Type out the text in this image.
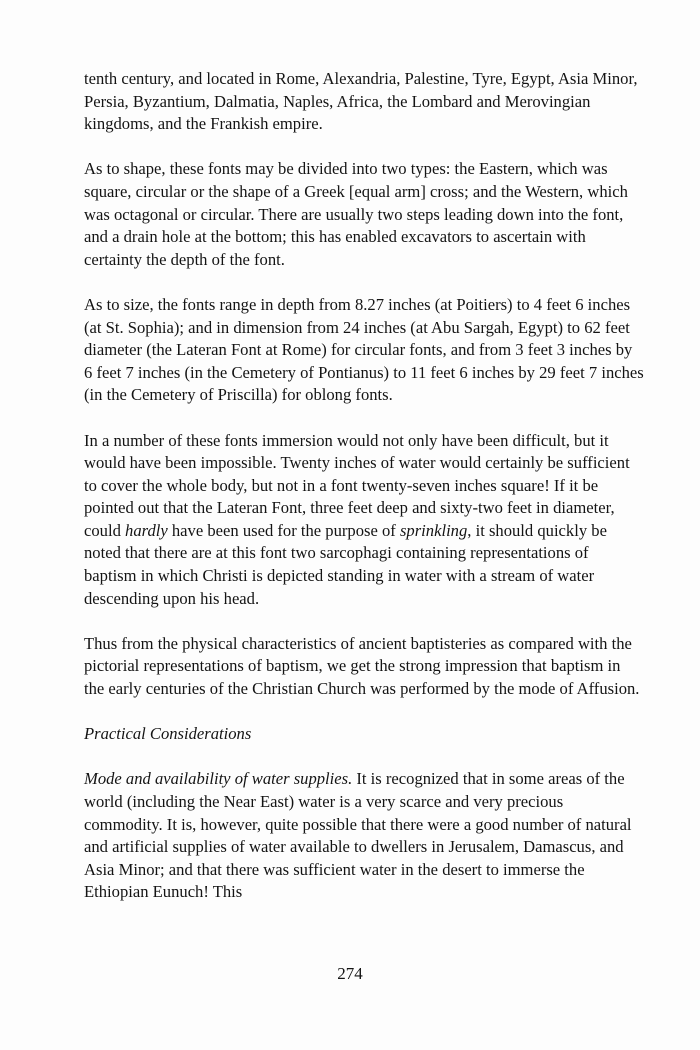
tenth century, and located in Rome, Alexandria, Palestine, Tyre, Egypt, Asia Minor, Persia, Byzantium, Dalmatia, Naples, Africa, the Lombard and Merovingian kingdoms, and the Frankish empire.

As to shape, these fonts may be divided into two types: the Eastern, which was square, circular or the shape of a Greek [equal arm] cross; and the Western, which was octagonal or circular. There are usually two steps leading down into the font, and a drain hole at the bottom; this has enabled excavators to ascertain with certainty the depth of the font.

As to size, the fonts range in depth from 8.27 inches (at Poitiers) to 4 feet 6 inches (at St. Sophia); and in dimension from 24 inches (at Abu Sargah, Egypt) to 62 feet diameter (the Lateran Font at Rome) for circular fonts, and from 3 feet 3 inches by 6 feet 7 inches (in the Cemetery of Pontianus) to 11 feet 6 inches by 29 feet 7 inches (in the Cemetery of Priscilla) for oblong fonts.

In a number of these fonts immersion would not only have been difficult, but it would have been impossible. Twenty inches of water would certainly be sufficient to cover the whole body, but not in a font twenty-seven inches square! If it be pointed out that the Lateran Font, three feet deep and sixty-two feet in diameter, could hardly have been used for the purpose of sprinkling, it should quickly be noted that there are at this font two sarcophagi containing representations of baptism in which Christi is depicted standing in water with a stream of water descending upon his head.

Thus from the physical characteristics of ancient baptisteries as compared with the pictorial representations of baptism, we get the strong impression that baptism in the early centuries of the Christian Church was performed by the mode of Affusion.

Practical Considerations

Mode and availability of water supplies. It is recognized that in some areas of the world (including the Near East) water is a very scarce and very precious commodity. It is, however, quite possible that there were a good number of natural and artificial supplies of water available to dwellers in Jerusalem, Damascus, and Asia Minor; and that there was sufficient water in the desert to immerse the Ethiopian Eunuch! This

274
